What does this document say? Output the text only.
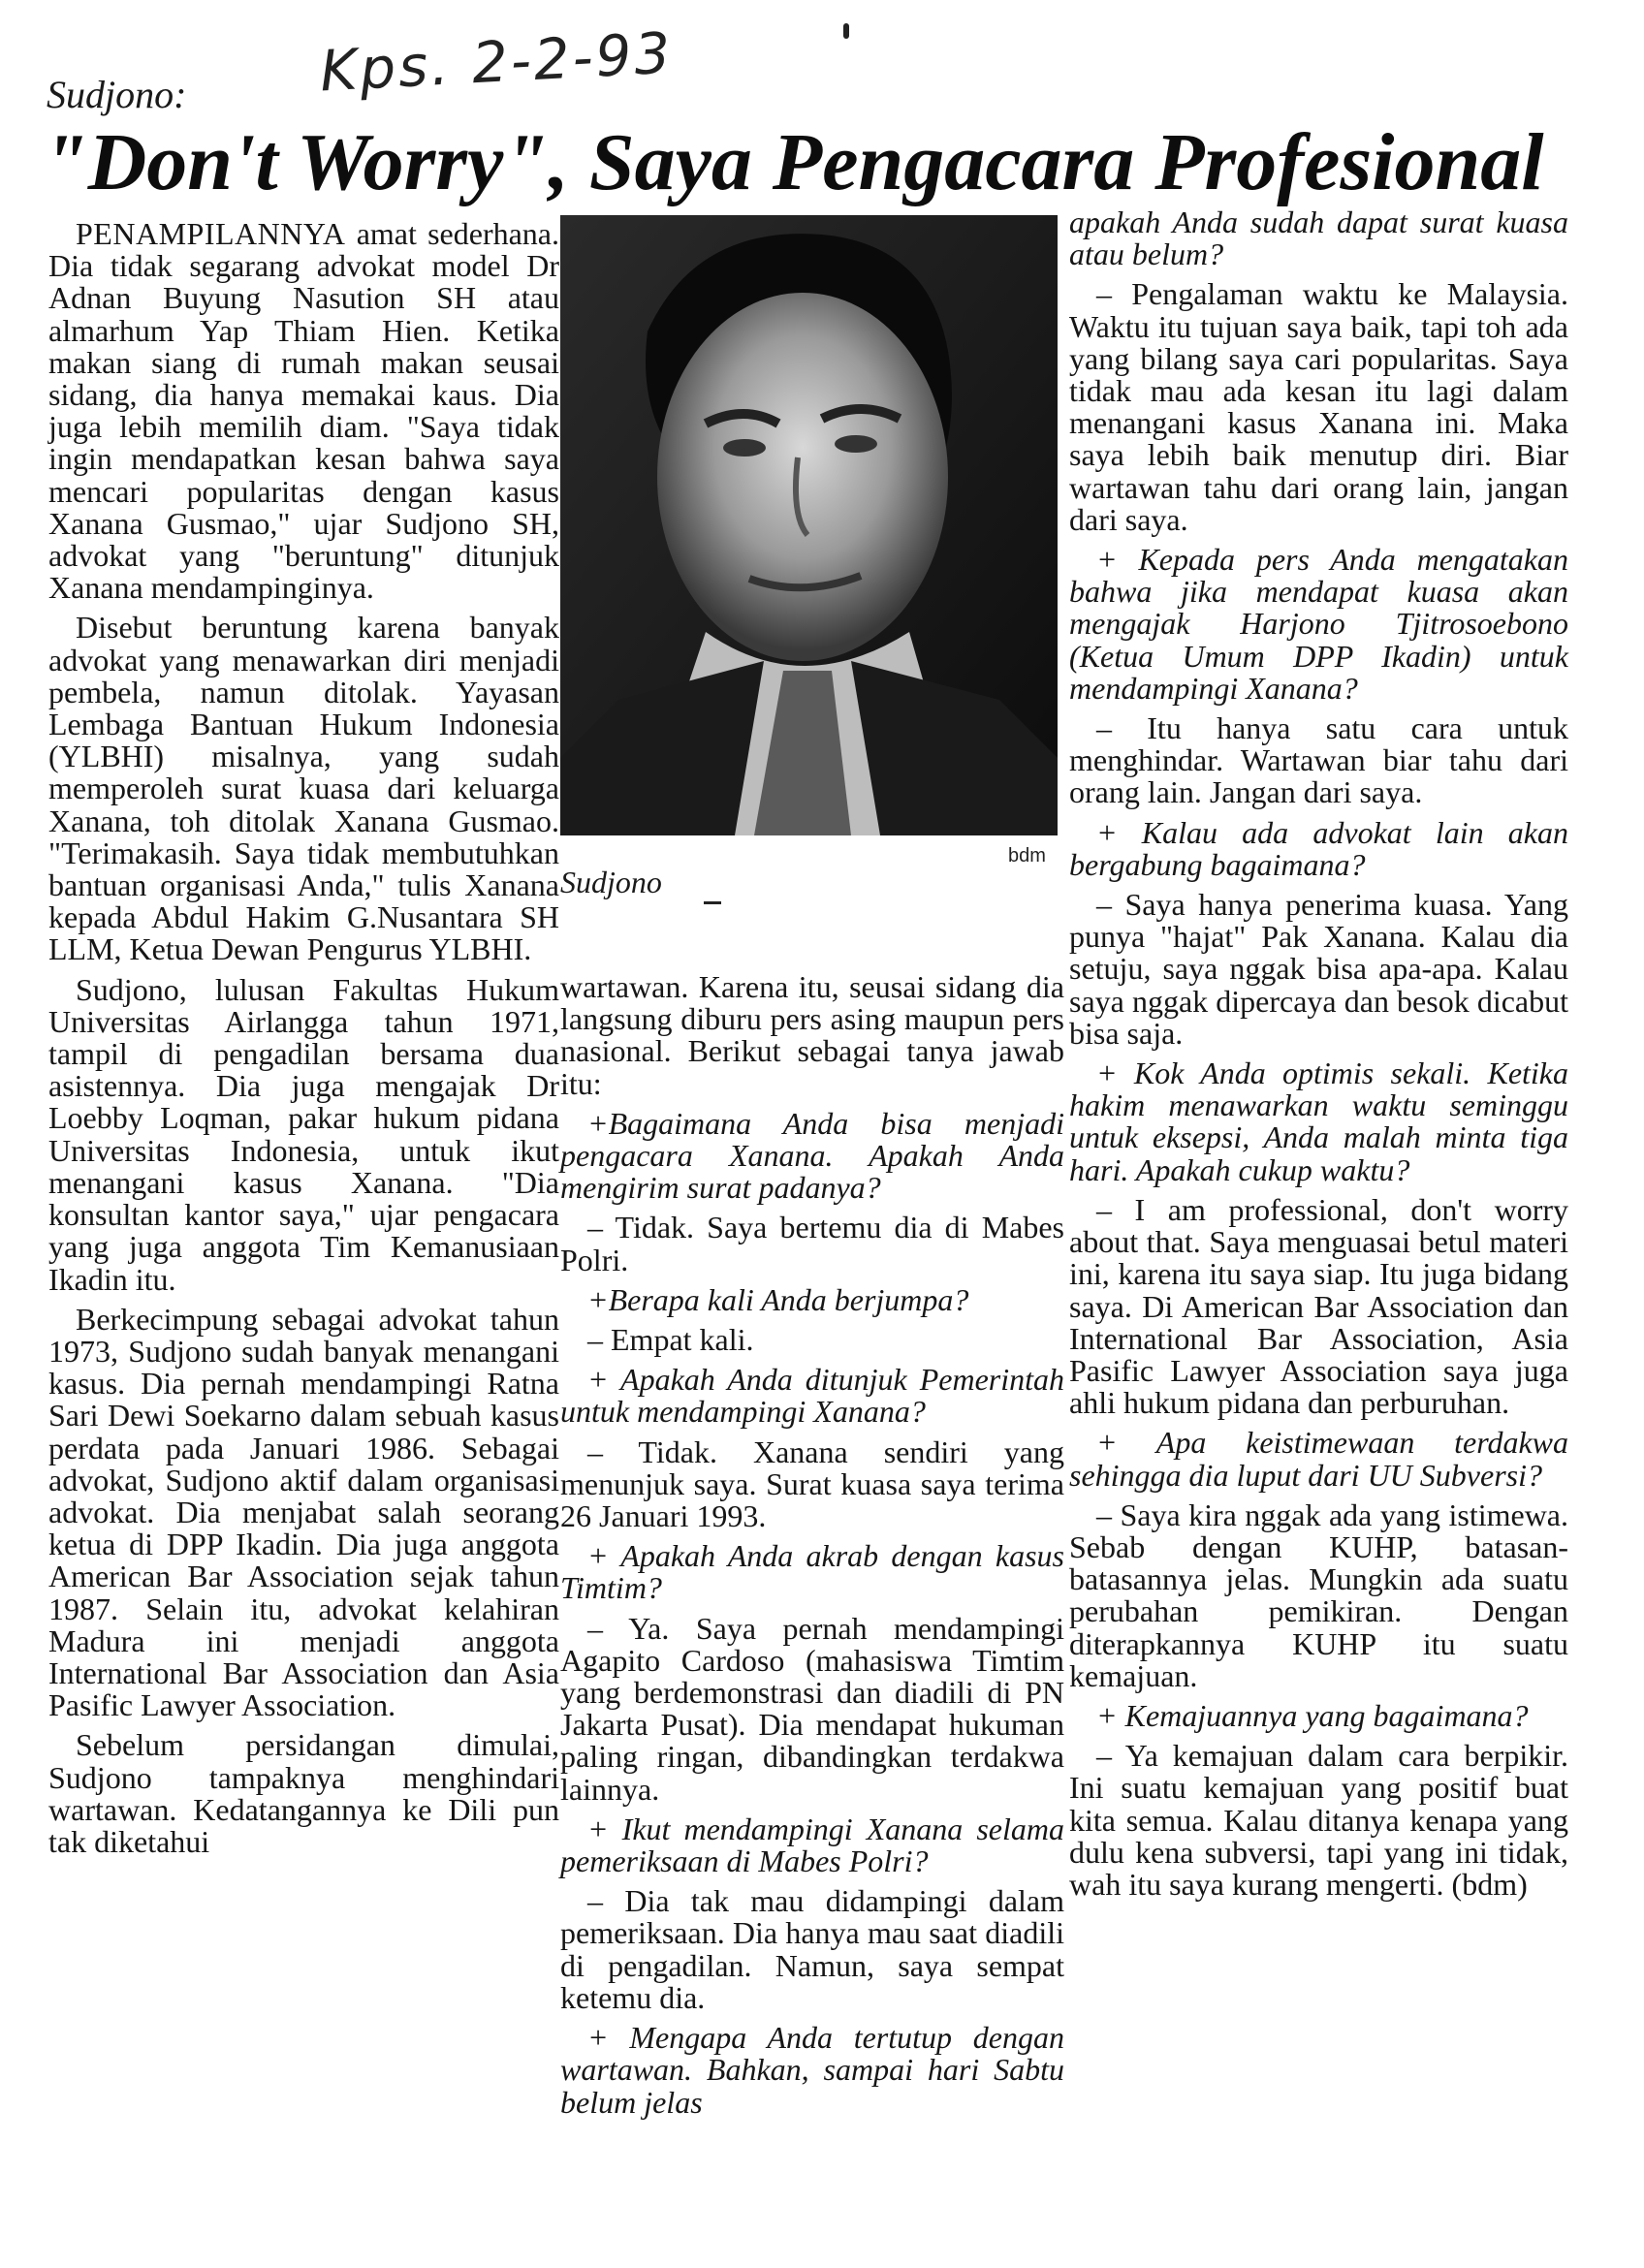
Kps. 2-2-93
Sudjono:
"Don't Worry", Saya Pengacara Profesional

PENAMPILANNYA amat sederhana. Dia tidak segarang advokat model Dr Adnan Buyung Nasution SH atau almarhum Yap Thiam Hien. Ketika makan siang di rumah makan seusai sidang, dia hanya memakai kaus. Dia juga lebih memilih diam. "Saya tidak ingin mendapatkan kesan bahwa saya mencari popularitas dengan kasus Xanana Gusmao," ujar Sudjono SH, advokat yang "beruntung" ditunjuk Xanana mendampinginya.

Disebut beruntung karena banyak advokat yang menawarkan diri menjadi pembela, namun ditolak. Yayasan Lembaga Bantuan Hukum Indonesia (YLBHI) misalnya, yang sudah memperoleh surat kuasa dari keluarga Xanana, toh ditolak Xanana Gusmao. "Terimakasih. Saya tidak membutuhkan bantuan organisasi Anda," tulis Xanana kepada Abdul Hakim G.Nusantara SH LLM, Ketua Dewan Pengurus YLBHI.

Sudjono, lulusan Fakultas Hukum Universitas Airlangga tahun 1971, tampil di pengadilan bersama dua asistennya. Dia juga mengajak Dr Loebby Loqman, pakar hukum pidana Universitas Indonesia, untuk ikut menangani kasus Xanana. "Dia konsultan kantor saya," ujar pengacara yang juga anggota Tim Kemanusiaan Ikadin itu.

Berkecimpung sebagai advokat tahun 1973, Sudjono sudah banyak menangani kasus. Dia pernah mendampingi Ratna Sari Dewi Soekarno dalam sebuah kasus perdata pada Januari 1986. Sebagai advokat, Sudjono aktif dalam organisasi advokat. Dia menjabat salah seorang ketua di DPP Ikadin. Dia juga anggota American Bar Association sejak tahun 1987. Selain itu, advokat kelahiran Madura ini menjadi anggota International Bar Association dan Asia Pasific Lawyer Association.

Sebelum persidangan dimulai, Sudjono tampaknya menghindari wartawan. Kedatangannya ke Dili pun tak diketahui

bdm
Sudjono

wartawan. Karena itu, seusai sidang dia langsung diburu pers asing maupun pers nasional. Berikut sebagai tanya jawab itu:

+Bagaimana Anda bisa menjadi pengacara Xanana. Apakah Anda mengirim surat padanya?

– Tidak. Saya bertemu dia di Mabes Polri.

+Berapa kali Anda berjumpa?

– Empat kali.

+ Apakah Anda ditunjuk Pemerintah untuk mendampingi Xanana?

– Tidak. Xanana sendiri yang menunjuk saya. Surat kuasa saya terima 26 Januari 1993.

+ Apakah Anda akrab dengan kasus Timtim?

– Ya. Saya pernah mendampingi Agapito Cardoso (mahasiswa Timtim yang berdemonstrasi dan diadili di PN Jakarta Pusat). Dia mendapat hukuman paling ringan, dibandingkan terdakwa lainnya.

+ Ikut mendampingi Xanana selama pemeriksaan di Mabes Polri?

– Dia tak mau didampingi dalam pemeriksaan. Dia hanya mau saat diadili di pengadilan. Namun, saya sempat ketemu dia.

+ Mengapa Anda tertutup dengan wartawan. Bahkan, sampai hari Sabtu belum jelas

apakah Anda sudah dapat surat kuasa atau belum?

– Pengalaman waktu ke Malaysia. Waktu itu tujuan saya baik, tapi toh ada yang bilang saya cari popularitas. Saya tidak mau ada kesan itu lagi dalam menangani kasus Xanana ini. Maka saya lebih baik menutup diri. Biar wartawan tahu dari orang lain, jangan dari saya.

+ Kepada pers Anda mengatakan bahwa jika mendapat kuasa akan mengajak Harjono Tjitrosoebono (Ketua Umum DPP Ikadin) untuk mendampingi Xanana?

– Itu hanya satu cara untuk menghindar. Wartawan biar tahu dari orang lain. Jangan dari saya.

+ Kalau ada advokat lain akan bergabung bagaimana?

– Saya hanya penerima kuasa. Yang punya "hajat" Pak Xanana. Kalau dia setuju, saya nggak bisa apa-apa. Kalau saya nggak dipercaya dan besok dicabut bisa saja.

+ Kok Anda optimis sekali. Ketika hakim menawarkan waktu seminggu untuk eksepsi, Anda malah minta tiga hari. Apakah cukup waktu?

– I am professional, don't worry about that. Saya menguasai betul materi ini, karena itu saya siap. Itu juga bidang saya. Di American Bar Association dan International Bar Association, Asia Pasific Lawyer Association saya juga ahli hukum pidana dan perburuhan.

+ Apa keistimewaan terdakwa sehingga dia luput dari UU Subversi?

– Saya kira nggak ada yang istimewa. Sebab dengan KUHP, batasan-batasannya jelas. Mungkin ada suatu perubahan pemikiran. Dengan diterapkannya KUHP itu suatu kemajuan.

+ Kemajuannya yang bagaimana?

– Ya kemajuan dalam cara berpikir. Ini suatu kemajuan yang positif buat kita semua. Kalau ditanya kenapa yang dulu kena subversi, tapi yang ini tidak, wah itu saya kurang mengerti. (bdm)
